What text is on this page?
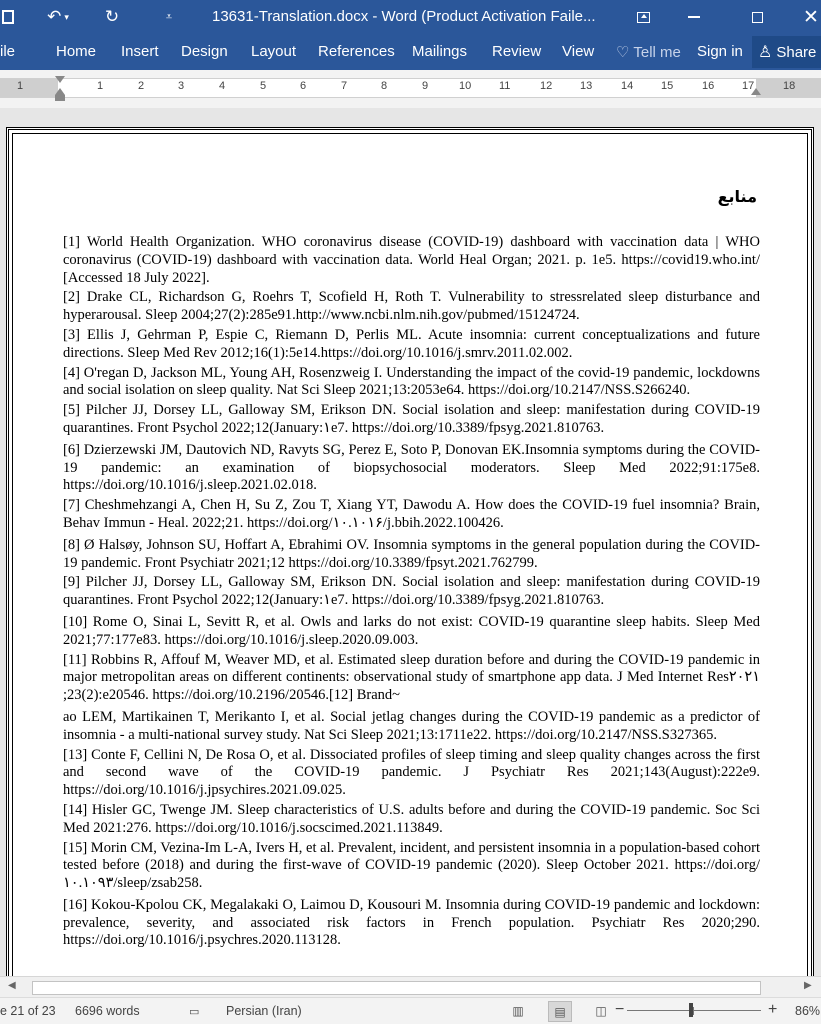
↶ ▾ ↻	⩡	13631-Translation.docx - Word (Product Activation Faile...	✕
ile	Home Insert Design Layout References Mailings Review View ♡ Tell me Sign in ♙ Share
1	1	2	3	4	5	6	7	8	9	10	11	12	13	14	15	16	17	18
منابع

[1] World Health Organization. WHO coronavirus disease (COVID-19) dashboard with vaccination data | WHO coronavirus (COVID-19) dashboard with vaccination data. World Heal Organ; 2021. p. 1e5. https://covid19.who.int/ [Accessed 18 July 2022].

[2] Drake CL, Richardson G, Roehrs T, Scofield H, Roth T. Vulnerability to stressrelated sleep disturbance and hyperarousal. Sleep 2004;27(2):285e91.http://www.ncbi.nlm.nih.gov/pubmed/15124724.

[3] Ellis J, Gehrman P, Espie C, Riemann D, Perlis ML. Acute insomnia: current conceptualizations and future directions. Sleep Med Rev 2012;16(1):5e14.https://doi.org/10.1016/j.smrv.2011.02.002.

[4] O'regan D, Jackson ML, Young AH, Rosenzweig I. Understanding the impact of the covid-19 pandemic, lockdowns and social isolation on sleep quality. Nat Sci Sleep 2021;13:2053e64. https://doi.org/10.2147/NSS.S266240.

[5] Pilcher JJ, Dorsey LL, Galloway SM, Erikson DN. Social isolation and sleep: manifestation during COVID-19 quarantines. Front Psychol 2022;12(January:۱e7. https://doi.org/10.3389/fpsyg.2021.810763.

[6] Dzierzewski JM, Dautovich ND, Ravyts SG, Perez E, Soto P, Donovan EK.Insomnia symptoms during the COVID-19 pandemic: an examination of biopsychosocial moderators. Sleep Med 2022;91:175e8. https://doi.org/10.1016/j.sleep.2021.02.018.

[7] Cheshmehzangi A, Chen H, Su Z, Zou T, Xiang YT, Dawodu A. How does the COVID-19 fuel insomnia? Brain, Behav Immun - Heal. 2022;21. https://doi.org/۱۰.۱۰۱۶/j.bbih.2022.100426.

[8] Ø Halsøy, Johnson SU, Hoffart A, Ebrahimi OV. Insomnia symptoms in the general population during the COVID-19 pandemic. Front Psychiatr 2021;12 https://doi.org/10.3389/fpsyt.2021.762799.

[9] Pilcher JJ, Dorsey LL, Galloway SM, Erikson DN. Social isolation and sleep: manifestation during COVID-19 quarantines. Front Psychol 2022;12(January:۱e7. https://doi.org/10.3389/fpsyg.2021.810763.

[10] Rome O, Sinai L, Sevitt R, et al. Owls and larks do not exist: COVID-19 quarantine sleep habits. Sleep Med 2021;77:177e83. https://doi.org/10.1016/j.sleep.2020.09.003.

[11] Robbins R, Affouf M, Weaver MD, et al. Estimated sleep duration before and during the COVID-19 pandemic in major metropolitan areas on different continents: observational study of smartphone app data. J Med Internet Res۲۰۲۱ ;23(2):e20546. https://doi.org/10.2196/20546.[12] Brand~

ao LEM, Martikainen T, Merikanto I, et al. Social jetlag changes during the COVID-19 pandemic as a predictor of insomnia - a multi-national survey study. Nat Sci Sleep 2021;13:1711e22. https://doi.org/10.2147/NSS.S327365.

[13] Conte F, Cellini N, De Rosa O, et al. Dissociated profiles of sleep timing and sleep quality changes across the first and second wave of the COVID-19 pandemic. J Psychiatr Res 2021;143(August):222e9. https://doi.org/10.1016/j.jpsychires.2021.09.025.

[14] Hisler GC, Twenge JM. Sleep characteristics of U.S. adults before and during the COVID-19 pandemic. Soc Sci Med 2021:276. https://doi.org/10.1016/j.socscimed.2021.113849.

[15] Morin CM, Vezina-Im L-A, Ivers H, et al. Prevalent, incident, and persistent insomnia in a population-based cohort tested before (2018) and during the first-wave of COVID-19 pandemic (2020). Sleep October 2021. https://doi.org/۱۰.۱۰۹۳/sleep/zsab258.

[16] Kokou-Kpolou CK, Megalakaki O, Laimou D, Kousouri M. Insomnia during COVID-19 pandemic and lockdown: prevalence, severity, and associated risk factors in French population. Psychiatr Res 2020;290. https://doi.org/10.1016/j.psychres.2020.113128.

◀	▶
e 21 of 23 6696 words	▭ Persian (Iran)	▥	▤ ◫ −	+ 86%
